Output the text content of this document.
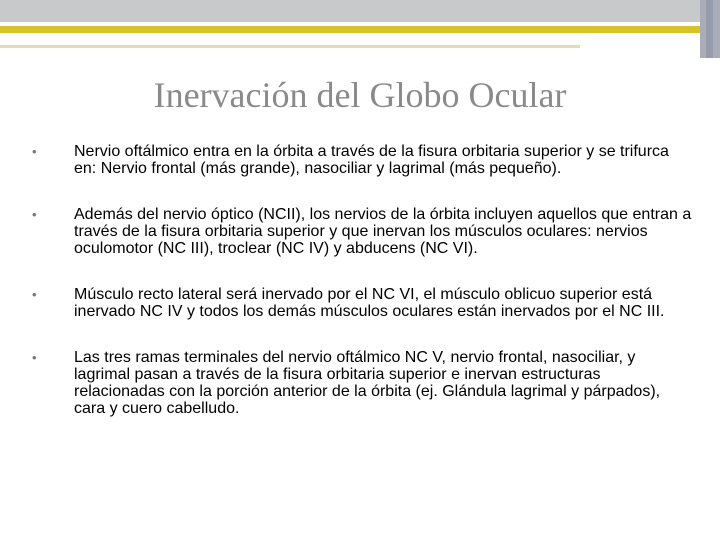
Inervación del Globo Ocular
•	Nervio oftálmico entra en la órbita a través de la fisura orbitaria superior y se trifurca en: Nervio frontal (más grande), nasociliar y lagrimal (más pequeño).
•	Además del nervio óptico (NCII), los nervios de la órbita incluyen aquellos que entran a través de la fisura orbitaria superior y que inervan los músculos oculares: nervios oculomotor (NC III), troclear (NC IV) y abducens (NC VI).
•	Músculo recto lateral será inervado por el NC VI, el músculo oblicuo superior está inervado NC IV y todos los demás músculos oculares están inervados por el NC III.
•	Las tres ramas terminales del nervio oftálmico NC V, nervio frontal, nasociliar, y lagrimal pasan a través de la fisura orbitaria superior e inervan estructuras relacionadas con la porción anterior de la órbita (ej. Glándula lagrimal y párpados), cara y cuero cabelludo.
